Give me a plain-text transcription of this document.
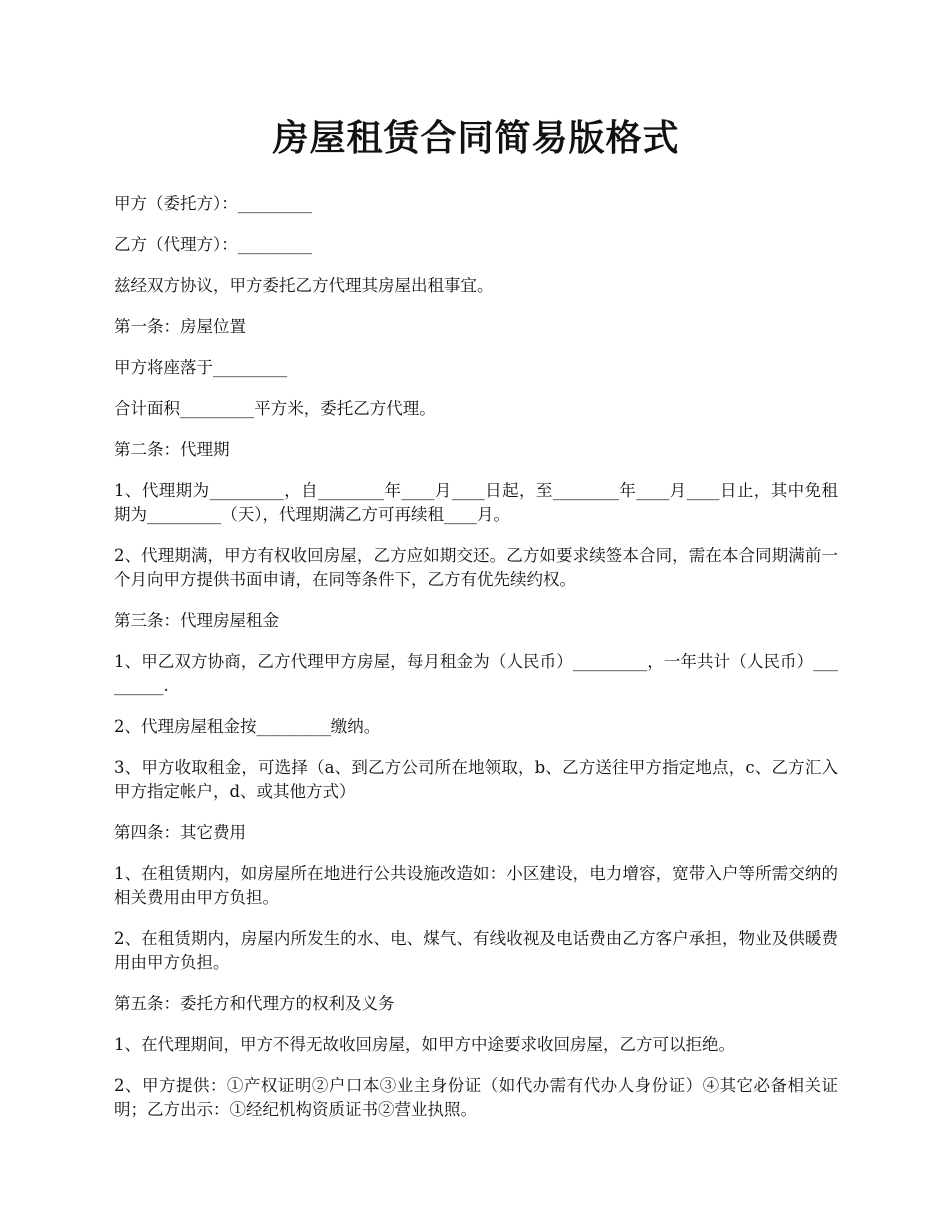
房屋租赁合同简易版格式

甲方（委托方）：_________

乙方（代理方）：_________

兹经双方协议，甲方委托乙方代理其房屋出租事宜。

第一条：房屋位置

甲方将座落于_________

合计面积_________平方米，委托乙方代理。

第二条：代理期

1、代理期为_________，自________年____月____日起，至________年____月____日止，其中免租期为_________（天），代理期满乙方可再续租____月。

2、代理期满，甲方有权收回房屋，乙方应如期交还。乙方如要求续签本合同，需在本合同期满前一个月向甲方提供书面申请，在同等条件下，乙方有优先续约权。

第三条：代理房屋租金

1、甲乙双方协商，乙方代理甲方房屋，每月租金为（人民币）_________，一年共计（人民币）_________.

2、代理房屋租金按_________缴纳。

3、甲方收取租金，可选择（a、到乙方公司所在地领取，b、乙方送往甲方指定地点，c、乙方汇入甲方指定帐户，d、或其他方式）

第四条：其它费用

1、在租赁期内，如房屋所在地进行公共设施改造如：小区建设，电力增容，宽带入户等所需交纳的相关费用由甲方负担。

2、在租赁期内，房屋内所发生的水、电、煤气、有线收视及电话费由乙方客户承担，物业及供暖费用由甲方负担。

第五条：委托方和代理方的权利及义务

1、在代理期间，甲方不得无故收回房屋，如甲方中途要求收回房屋，乙方可以拒绝。

2、甲方提供：①产权证明②户口本③业主身份证（如代办需有代办人身份证）④其它必备相关证明；乙方出示：①经纪机构资质证书②营业执照。
